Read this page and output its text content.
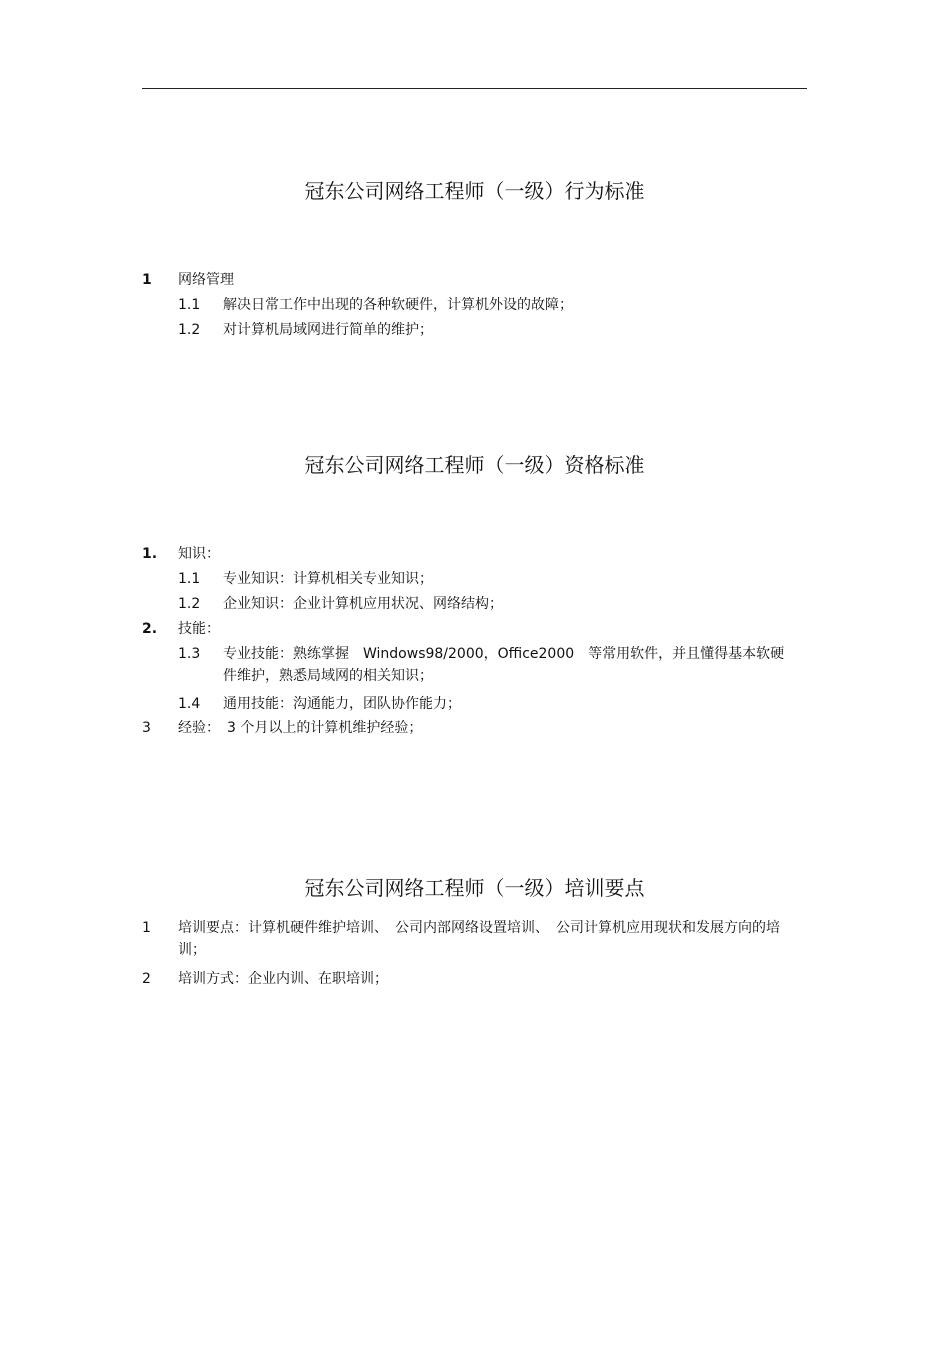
冠东公司网络工程师（一级）行为标准
1 网络管理
1.1 解决日常工作中出现的各种软硬件，计算机外设的故障；
1.2 对计算机局域网进行简单的维护；
冠东公司网络工程师（一级）资格标准
1. 知识：
1.1 专业知识：计算机相关专业知识；
1.2 企业知识：企业计算机应用状况、网络结构；
2. 技能：
1.3 专业技能：熟练掌握　Windows98/2000，Office2000　等常用软件，并且懂得基本软硬件维护，熟悉局域网的相关知识；
1.4 通用技能：沟通能力，团队协作能力；
3 经验：　3 个月以上的计算机维护经验；
冠东公司网络工程师（一级）培训要点
1 培训要点：计算机硬件维护培训、　公司内部网络设置培训、　公司计算机应用现状和发展方向的培训；
2 培训方式：企业内训、在职培训；
